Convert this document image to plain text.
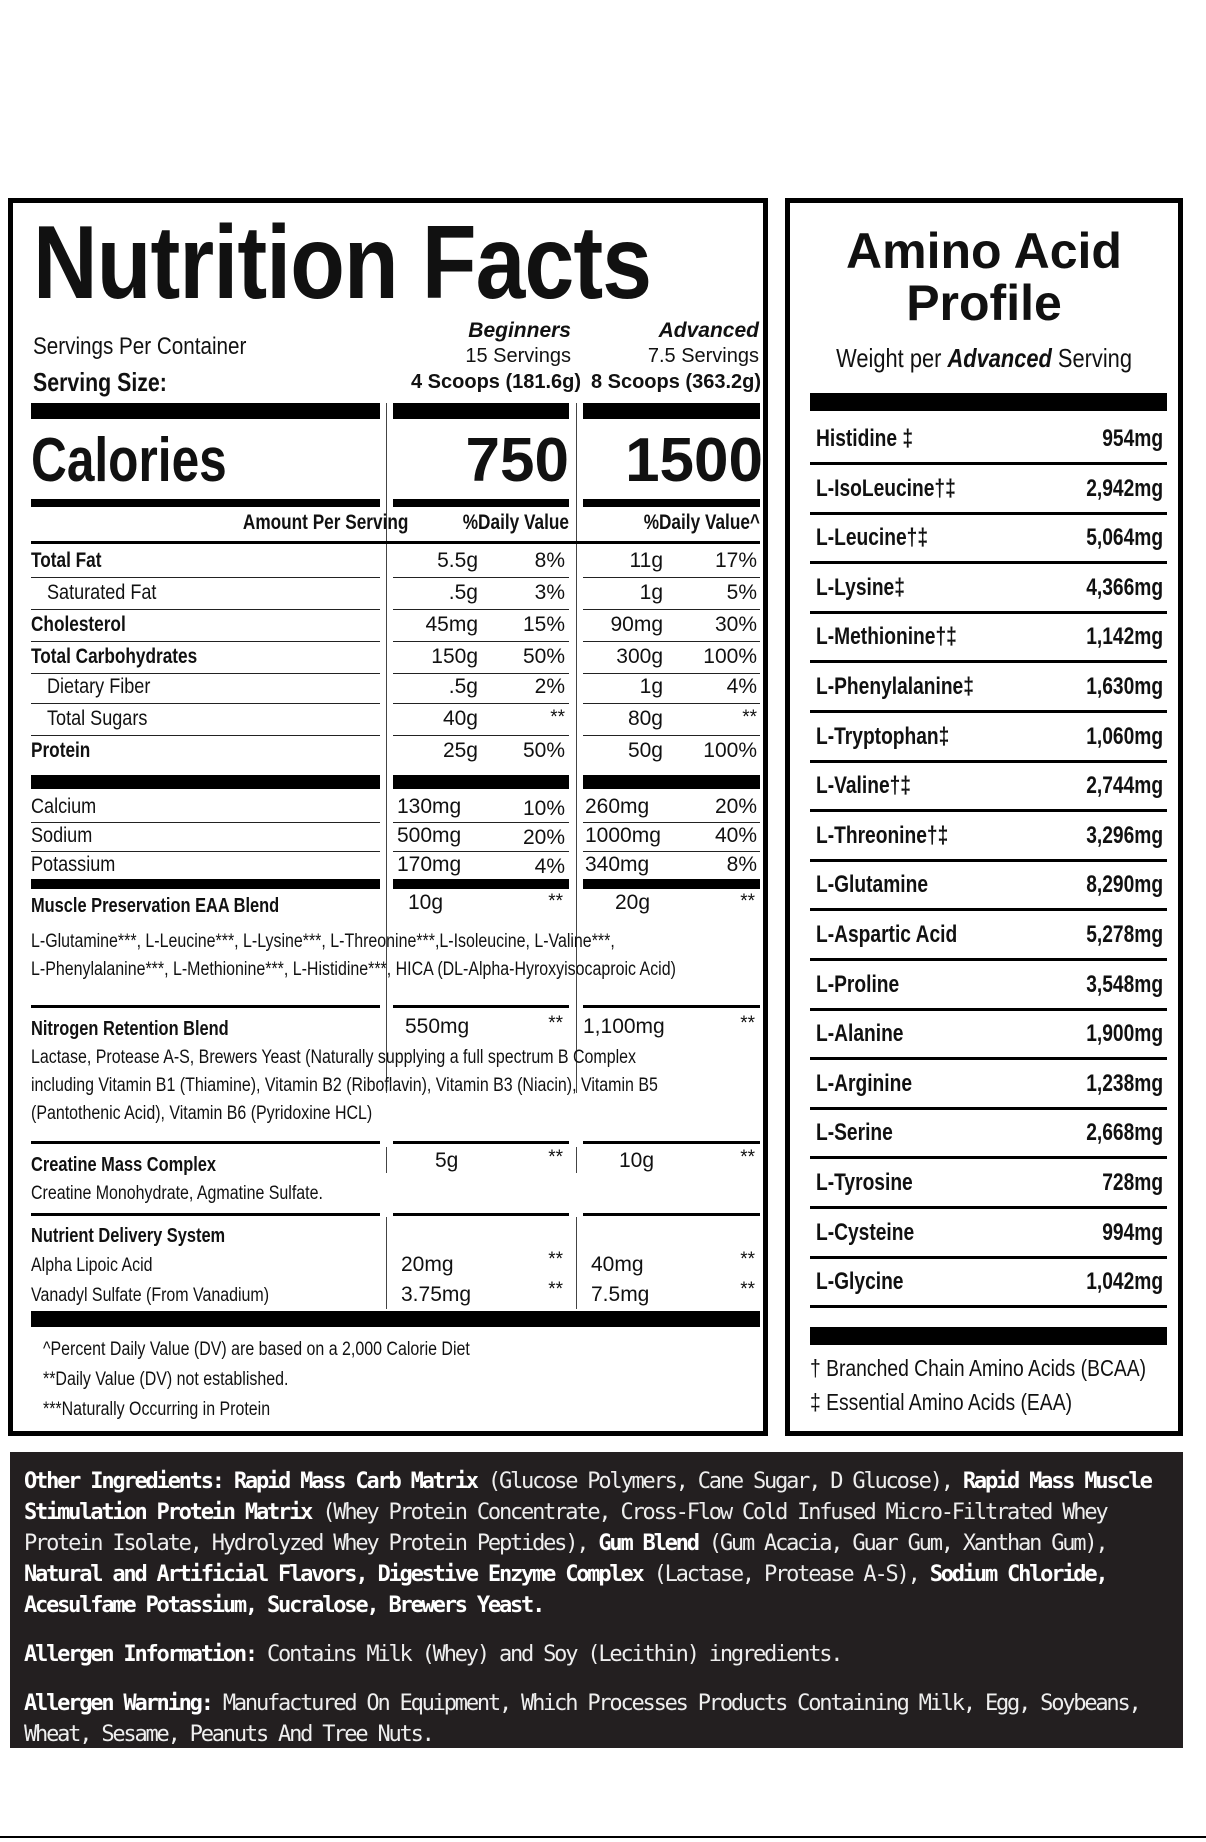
Nutrition Facts
Servings Per Container
Serving Size:
Beginners
15 Servings
4 Scoops (181.6g)
Advanced
7.5 Servings
8 Scoops (363.2g)
Calories	750 1500
Amount Per Serving	%Daily Value	%Daily Value^
Total Fat	5.5g	8%	11g	17%
Saturated Fat	.5g	3%	1g	5%
Cholesterol	45mg	15%	90mg	30%
Total Carbohydrates	150g	50%	300g	100%
Dietary Fiber	.5g	2%	1g	4%
Total Sugars	40g	**	80g	**
Protein	25g	50%	50g	100%
Calcium	130mg	10% 260mg	20%
Sodium	500mg	20% 1000mg	40%
Potassium	170mg	4% 340mg	8%
Muscle Preservation EAA Blend	10g	** 20g	**
L-Glutamine***, L-Leucine***, L-Lysine***, L-Threonine***,L-Isoleucine, L-Valine***,
L-Phenylalanine***, L-Methionine***, L-Histidine***, HICA (DL-Alpha-Hyroxyisocaproic Acid)
Nitrogen Retention Blend	550mg	** 1,100mg	**
Lactase, Protease A-S, Brewers Yeast (Naturally supplying a full spectrum B Complex
including Vitamin B1 (Thiamine), Vitamin B2 (Riboflavin), Vitamin B3 (Niacin), Vitamin B5
(Pantothenic Acid), Vitamin B6 (Pyridoxine HCL)
Creatine Mass Complex	5g	**	10g	**
Creatine Monohydrate, Agmatine Sulfate.
Nutrient Delivery System
Alpha Lipoic Acid	20mg	** 40mg	**
Vanadyl Sulfate (From Vanadium)	3.75mg	** 7.5mg	**
^Percent Daily Value (DV) are based on a 2,000 Calorie Diet
**Daily Value (DV) not established.
***Naturally Occurring in Protein
Amino Acid
Profile
Weight per Advanced Serving
Histidine ‡	954mg
L-IsoLeucine†‡	2,942mg
L-Leucine†‡	5,064mg
L-Lysine‡	4,366mg
L-Methionine†‡	1,142mg
L-Phenylalanine‡	1,630mg
L-Tryptophan‡	1,060mg
L-Valine†‡	2,744mg
L-Threonine†‡	3,296mg
L-Glutamine	8,290mg
L-Aspartic Acid	5,278mg
L-Proline	3,548mg
L-Alanine	1,900mg
L-Arginine	1,238mg
L-Serine	2,668mg
L-Tyrosine	728mg
L-Cysteine	994mg
L-Glycine	1,042mg
† Branched Chain Amino Acids (BCAA)
‡ Essential Amino Acids (EAA)

Other Ingredients: Rapid Mass Carb Matrix (Glucose Polymers, Cane Sugar, D Glucose), Rapid Mass Muscle Stimulation Protein Matrix (Whey Protein Concentrate, Cross-Flow Cold Infused Micro-Filtrated Whey Protein Isolate, Hydrolyzed Whey Protein Peptides), Gum Blend (Gum Acacia, Guar Gum, Xanthan Gum), Natural and Artificial Flavors, Digestive Enzyme Complex (Lactase, Protease A-S), Sodium Chloride, Acesulfame Potassium, Sucralose, Brewers Yeast.

Allergen Information: Contains Milk (Whey) and Soy (Lecithin) ingredients.

Allergen Warning: Manufactured On Equipment, Which Processes Products Containing Milk, Egg, Soybeans, Wheat, Sesame, Peanuts And Tree Nuts.
